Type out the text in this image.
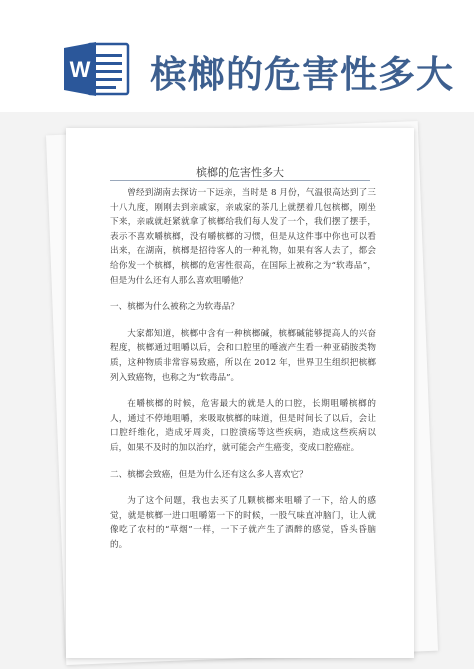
W 槟榔的危害性多大
槟榔的危害性多大

曾经到湖南去探访一下远亲，当时是 8 月份，气温很高达到了三十八九度，刚刚去到亲戚家，亲戚家的茶几上就摆着几包槟榔，刚坐下来，亲戚就赶紧就拿了槟榔给我们每人发了一个，我们摆了摆手，表示不喜欢嚼槟榔，没有嚼槟榔的习惯，但是从这件事中你也可以看出来，在湖南，槟榔是招待客人的一种礼物，如果有客人去了，都会给你发一个槟榔，槟榔的危害性很高，在国际上被称之为“软毒品”，但是为什么还有人那么喜欢咀嚼他？

一、槟榔为什么被称之为软毒品？

大家都知道，槟榔中含有一种槟榔碱，槟榔碱能够提高人的兴奋程度，槟榔通过咀嚼以后，会和口腔里的唾液产生看一种亚硝胺类物质，这种物质非常容易致癌，所以在 2012 年，世界卫生组织把槟榔列入致癌物，也称之为“软毒品”。

在嚼槟榔的时候，危害最大的就是人的口腔，长期咀嚼槟榔的人，通过不停地咀嚼，来吸取槟榔的味道，但是时间长了以后，会让口腔纤维化，造成牙周炎，口腔溃疡等这些疾病，造成这些疾病以后，如果不及时的加以治疗，就可能会产生癌变，变成口腔癌症。

二、槟榔会致癌，但是为什么还有这么多人喜欢它？

为了这个问题，我也去买了几颗槟榔来咀嚼了一下，给人的感觉，就是槟榔一进口咀嚼第一下的时候，一股气味直冲脑门，让人就像吃了农村的“草烟”一样，一下子就产生了酒醉的感觉，昏头昏脑的。
